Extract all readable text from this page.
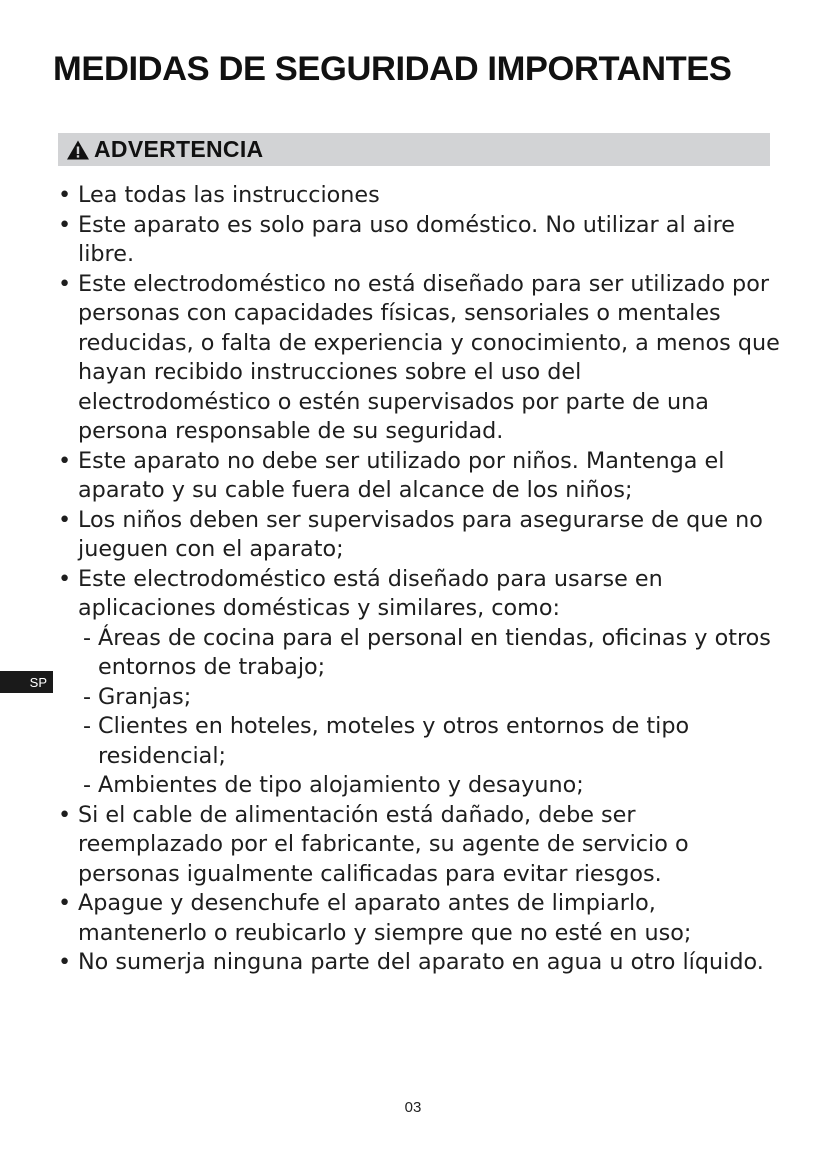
MEDIDAS DE SEGURIDAD IMPORTANTES
ADVERTENCIA
• Lea todas las instrucciones
• Este aparato es solo para uso doméstico. No utilizar al aire libre.
• Este electrodoméstico no está diseñado para ser utilizado por personas con capacidades físicas, sensoriales o mentales reducidas, o falta de experiencia y conocimiento, a menos que hayan recibido instrucciones sobre el uso del electrodoméstico o estén supervisados por parte de una persona responsable de su seguridad.
• Este aparato no debe ser utilizado por niños. Mantenga el aparato y su cable fuera del alcance de los niños;
• Los niños deben ser supervisados para asegurarse de que no jueguen con el aparato;
• Este electrodoméstico está diseñado para usarse en aplicaciones domésticas y similares, como:
- Áreas de cocina para el personal en tiendas, oficinas y otros entornos de trabajo;
- Granjas;
- Clientes en hoteles, moteles y otros entornos de tipo residencial;
- Ambientes de tipo alojamiento y desayuno;
• Si el cable de alimentación está dañado, debe ser reemplazado por el fabricante, su agente de servicio o personas igualmente calificadas para evitar riesgos.
• Apague y desenchufe el aparato antes de limpiarlo, mantenerlo o reubicarlo y siempre que no esté en uso;
• No sumerja ninguna parte del aparato en agua u otro líquido.
SP
03
